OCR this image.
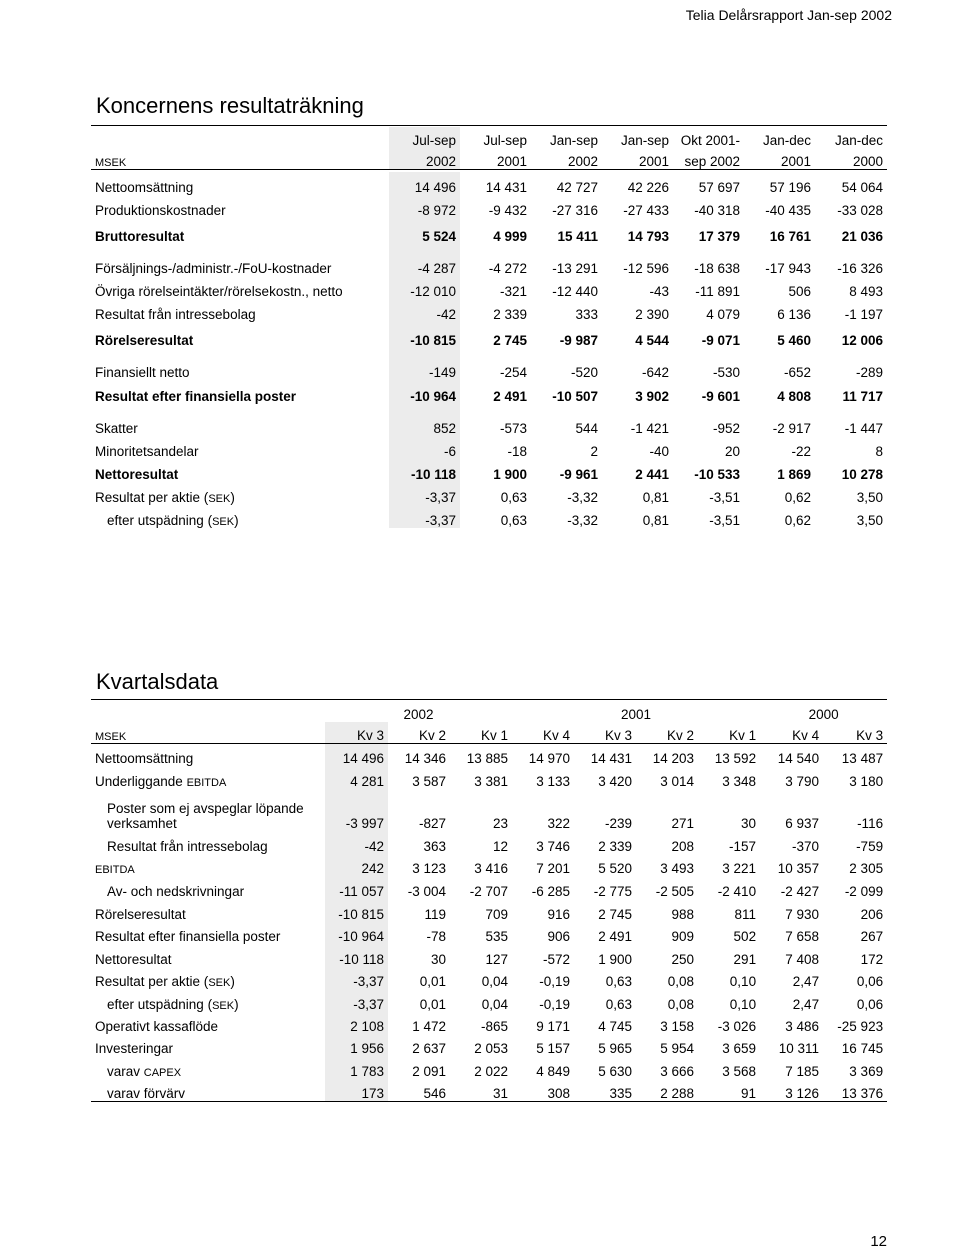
Telia Delårsrapport Jan-sep 2002
Koncernens resultaträkning
	Jul-sep	Jul-sep	Jan-sep	Jan-sep	Okt 2001-	Jan-dec	Jan-dec
MSEK	2002	2001	2002	2001	sep 2002	2001	2000
Nettoomsättning	14 496	14 431	42 727	42 226	57 697	57 196	54 064
Produktionskostnader	-8 972	-9 432	-27 316	-27 433	-40 318	-40 435	-33 028
Bruttoresultat	5 524	4 999	15 411	14 793	17 379	16 761	21 036
Försäljnings-/administr.-/FoU-kostnader	-4 287	-4 272	-13 291	-12 596	-18 638	-17 943	-16 326
Övriga rörelseintäkter/rörelsekostn., netto	-12 010	-321	-12 440	-43	-11 891	506	8 493
Resultat från intressebolag	-42	2 339	333	2 390	4 079	6 136	-1 197
Rörelseresultat	-10 815	2 745	-9 987	4 544	-9 071	5 460	12 006
Finansiellt netto	-149	-254	-520	-642	-530	-652	-289
Resultat efter finansiella poster	-10 964	2 491	-10 507	3 902	-9 601	4 808	11 717
Skatter	852	-573	544	-1 421	-952	-2 917	-1 447
Minoritetsandelar	-6	-18	2	-40	20	-22	8
Nettoresultat	-10 118	1 900	-9 961	2 441	-10 533	1 869	10 278
Resultat per aktie (SEK)	-3,37	0,63	-3,32	0,81	-3,51	0,62	3,50
efter utspädning (SEK)	-3,37	0,63	-3,32	0,81	-3,51	0,62	3,50
Kvartalsdata
	2002			2001				2000	
MSEK	Kv 3	Kv 2	Kv 1	Kv 4	Kv 3	Kv 2	Kv 1	Kv 4	Kv 3
Nettoomsättning	14 496	14 346	13 885	14 970	14 431	14 203	13 592	14 540	13 487
Underliggande EBITDA	4 281	3 587	3 381	3 133	3 420	3 014	3 348	3 790	3 180

Poster som ej avspeglar löpande
verksamhet	-3 997	-827	23	322	-239	271	30	6 937	-116
Resultat från intressebolag	-42	363	12	3 746	2 339	208	-157	-370	-759
EBITDA	242	3 123	3 416	7 201	5 520	3 493	3 221	10 357	2 305
Av- och nedskrivningar	-11 057	-3 004	-2 707	-6 285	-2 775	-2 505	-2 410	-2 427	-2 099
Rörelseresultat	-10 815	119	709	916	2 745	988	811	7 930	206
Resultat efter finansiella poster	-10 964	-78	535	906	2 491	909	502	7 658	267
Nettoresultat	-10 118	30	127	-572	1 900	250	291	7 408	172
Resultat per aktie (SEK)	-3,37	0,01	0,04	-0,19	0,63	0,08	0,10	2,47	0,06
efter utspädning (SEK)	-3,37	0,01	0,04	-0,19	0,63	0,08	0,10	2,47	0,06
Operativt kassaflöde	2 108	1 472	-865	9 171	4 745	3 158	-3 026	3 486	-25 923
Investeringar	1 956	2 637	2 053	5 157	5 965	5 954	3 659	10 311	16 745
varav CAPEX	1 783	2 091	2 022	4 849	5 630	3 666	3 568	7 185	3 369
varav förvärv	173	546	31	308	335	2 288	91	3 126	13 376
12
